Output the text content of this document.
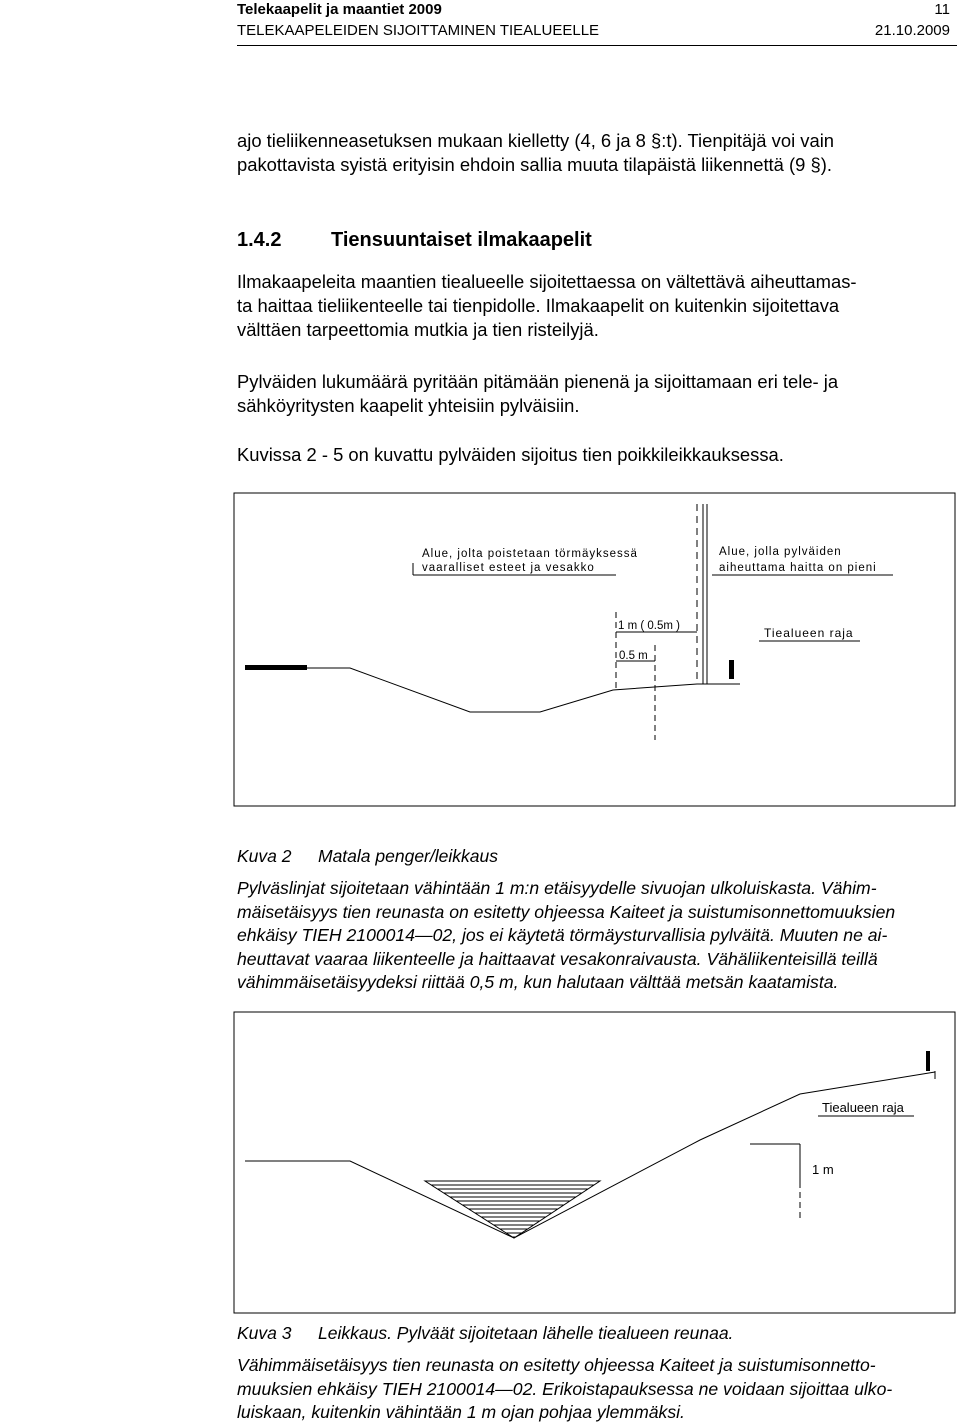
Telekaapelit ja maantiet 2009	11
TELEKAAPELEIDEN SIJOITTAMINEN TIEALUEELLE	21.10.2009
ajo tieliikenneasetuksen mukaan kielletty (4, 6 ja 8 §:t). Tienpitäjä voi vain
pakottavista syistä erityisin ehdoin sallia muuta tilapäistä liikennettä (9 §).
1.4.2 Tiensuuntaiset ilmakaapelit
Ilmakaapeleita maantien tiealueelle sijoitettaessa on vältettävä aiheuttamas-
ta haittaa tieliikenteelle tai tienpidolle. Ilmakaapelit on kuitenkin sijoitettava
välttäen tarpeettomia mutkia ja tien risteilyjä.
Pylväiden lukumäärä pyritään pitämään pienenä ja sijoittamaan eri tele- ja
sähköyritysten kaapelit yhteisiin pylväisiin.
Kuvissa 2 - 5 on kuvattu pylväiden sijoitus tien poikkileikkauksessa.
Alue, jolta poistetaan törmäyksessä
vaaralliset esteet ja vesakko
Alue, jolla pylväiden
aiheuttama haitta on pieni
1 m ( 0.5m )
0.5 m
Tiealueen raja
Kuva 2 Matala penger/leikkaus
Pylväslinjat sijoitetaan vähintään 1 m:n etäisyydelle sivuojan ulkoluiskasta. Vähim-
mäisetäisyys tien reunasta on esitetty ohjeessa Kaiteet ja suistumisonnettomuuksien
ehkäisy TIEH 2100014—02, jos ei käytetä törmäysturvallisia pylväitä. Muuten ne ai-
heuttavat vaaraa liikenteelle ja haittaavat vesakonraivausta. Vähäliikenteisillä teillä
vähimmäisetäisyydeksi riittää 0,5 m, kun halutaan välttää metsän kaatamista.
Tiealueen raja
1 m
Kuva 3 Leikkaus. Pylväät sijoitetaan lähelle tiealueen reunaa.
Vähimmäisetäisyys tien reunasta on esitetty ohjeessa Kaiteet ja suistumisonnetto-
muuksien ehkäisy TIEH 2100014—02. Erikoistapauksessa ne voidaan sijoittaa ulko-
luiskaan, kuitenkin vähintään 1 m ojan pohjaa ylemmäksi.
